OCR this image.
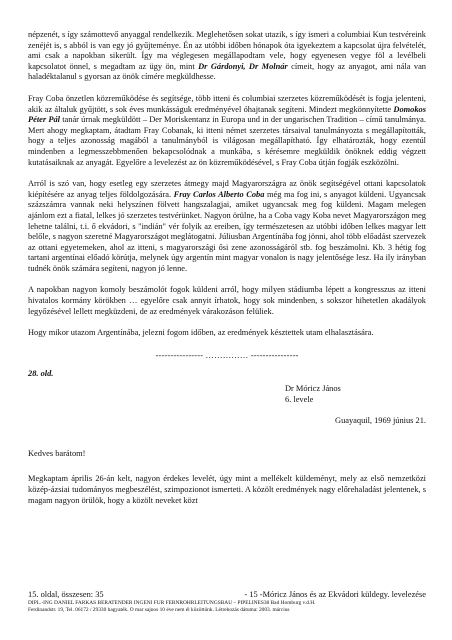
népzenét, s így számottevő anyaggal rendelkezik. Meglehetősen sokat utazik, s így ismeri a columbiai Kun testvéreink zenéjét is, s abból is van egy jó gyűjteménye. Én az utóbbi időben hónapok óta igyekeztem a kapcsolat újra felvételét, ami csak a napokban sikerült. Így ma véglegesen megállapodtam vele, hogy egyenesen vegye föl a levélbeli kapcsolatot önnel, s megadtam az ügy ön, mint Dr Gárdonyi, Dr Molnár címeit, hogy az anyagot, ami nála van haladéktalanul s gyorsan az önök címére megküldhesse.

Fray Coba önzetlen közreműködése és segítsége, több itteni és columbiai szerzetes közreműködését is fogja jelenteni, akik az általuk gyűjtött, s sok éves munkásságuk eredményével óhajtanak segíteni. Mindezt megkönnyítette Domokos Péter Pál tanár úrnak megküldött – Der Moriskentanz in Europa und in der ungarischen Tradition – című tanulmánya. Mert ahogy megkaptam, átadtam Fray Cobanak, ki itteni német szerzetes társaival tanulmányozta s megállapították, hogy a teljes azonosság magából a tanulmányból is világosan megállapítható. Így elhatározták, hogy ezentúl mindenben a legmesszebbmenően bekapcsolódnak a munkába, s kérésemre megküldik önöknek eddig végzett kutatásaiknak az anyagát. Egyelőre a levelezést az ön közreműködésével, s Fray Coba útján fogják eszközölni.

Arról is szó van, hogy esetleg egy szerzetes átmegy majd Magyarországra az önök segítségével ottani kapcsolatok kiépítésére az anyag teljes földolgozására. Fray Carlos Alberto Coba még ma fog ini, s anyagot küldeni. Ugyancsak százszámra vannak neki helyszínen fölvett hangszalagjai, amiket ugyancsak meg fog küldeni. Magam melegen ajánlom ezt a fiatal, lelkes jó szerzetes testvérünket. Nagyon örülne, ha a Coba vagy Koba nevet Magyarországon meg lehetne találni, t.i. ő ekvádori, s "indián" vér folyik az ereiben, így természetesen az utóbbi időben lelkes magyar lett belőle, s nagyon szeretné Magyarországot meglátogatni. Júliusban Argentínába fog jönni, ahol több előadást szervezek az ottani egyetemeken, ahol az itteni, s magyarországi ősi zene azonosságáról stb. fog beszámolni. Kb. 3 hétig fog tartani argentínai előadó körútja, melynek úgy argentín mint magyar vonalon is nagy jelentősége lesz. Ha ily irányban tudnék önök számára segíteni, nagyon jó lenne.

A napokban nagyon komoly beszámolót fogok küldeni arról, hogy milyen stádiumba lépett a kongresszus az itteni hivatalos kormány körökben … egyelőre csak annyit írhatok, hogy sok mindenben, s sokszor hihetetlen akadályok legyőzésével lellett megküzdeni, de az eredmények várakozáson felüliek.

Hogy mikor utazom Argentínába, jelezni fogom időben, az eredmények késztettek utam elhalasztására.

---------------- …………… ----------------
28. old.
Dr Móricz János
6. levele
Guayaquil, 1969 június 21.
Kedves barátom!

Megkaptam április 26-án kelt, nagyon érdekes levelét, úgy mint a mellékelt küldeményt, mely az első nemzetközi közép-ázsiai tudományos megbeszélést, szimpozionot ismerteti. A közölt eredmények nagy előrehaladást jelentenek, s magam nagyon örülök, hogy a közölt neveket közt

15. oldal, összesen: 35	- 15 -Móricz János és az Ekvádori küldegy. levelezése
DIPL.-ING DANIEL FARKAS BERATENDER INGENI FÜR FERNROHRLEITUNGSBAU – PIPELINES38 Bad Homburg v.d.H.
Ferdinandstr. 19, Tel. 06172 / 29330 hagyaték. Ó mar sajnos 10 éve nem él közöttünk. Létrehozás dátuma: 2003. március
